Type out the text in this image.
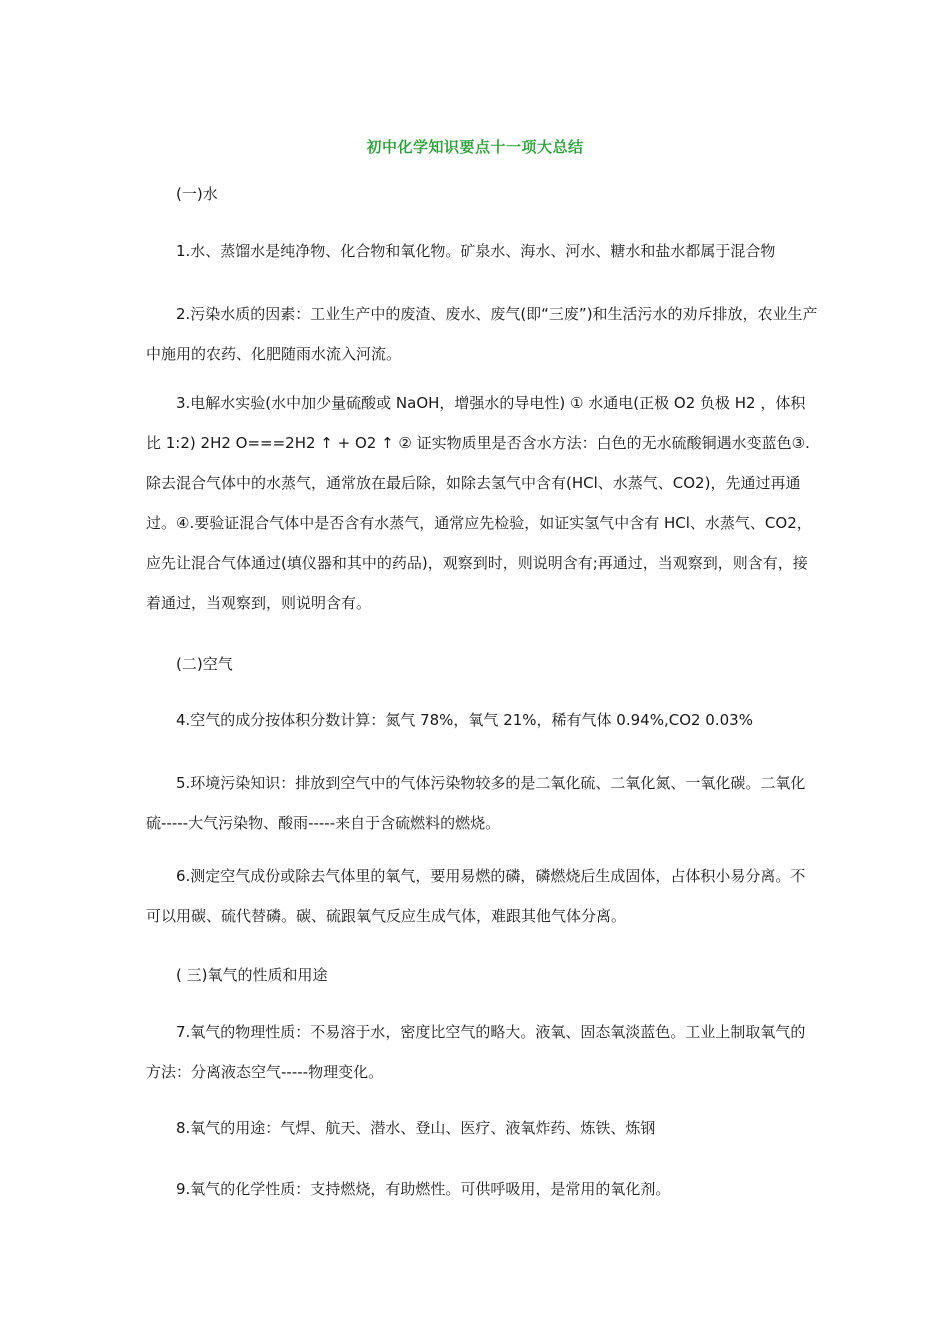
初中化学知识要点十一项大总结
(一)水
1.水、蒸馏水是纯净物、化合物和氧化物。矿泉水、海水、河水、糖水和盐水都属于混合物
2.污染水质的因素：工业生产中的废渣、废水、废气(即“三废”)和生活污水的劝斥排放，农业生产中施用的农药、化肥随雨水流入河流。
3.电解水实验(水中加少量硫酸或 NaOH，增强水的导电性) ① 水通电(正极 O2 负极 H2 ，体积比 1:2) 2H2 O===2H2 ↑ + O2 ↑ ② 证实物质里是否含水方法：白色的无水硫酸铜遇水变蓝色③.除去混合气体中的水蒸气，通常放在最后除，如除去氢气中含有(HCl、水蒸气、CO2)，先通过再通过。④.要验证混合气体中是否含有水蒸气，通常应先检验，如证实氢气中含有 HCl、水蒸气、CO2，应先让混合气体通过(填仪器和其中的药品)，观察到时，则说明含有;再通过，当观察到，则含有，接着通过，当观察到，则说明含有。
(二)空气
4.空气的成分按体积分数计算：氮气 78%，氧气 21%，稀有气体 0.94%,CO2 0.03%
5.环境污染知识：排放到空气中的气体污染物较多的是二氧化硫、二氧化氮、一氧化碳。二氧化硫-----大气污染物、酸雨-----来自于含硫燃料的燃烧。
6.测定空气成份或除去气体里的氧气，要用易燃的磷，磷燃烧后生成固体，占体积小易分离。不可以用碳、硫代替磷。碳、硫跟氧气反应生成气体，难跟其他气体分离。
( 三)氧气的性质和用途
7.氧气的物理性质：不易溶于水，密度比空气的略大。液氧、固态氧淡蓝色。工业上制取氧气的方法：分离液态空气-----物理变化。
8.氧气的用途：气焊、航天、潜水、登山、医疗、液氧炸药、炼铁、炼钢
9.氧气的化学性质：支持燃烧，有助燃性。可供呼吸用，是常用的氧化剂。
